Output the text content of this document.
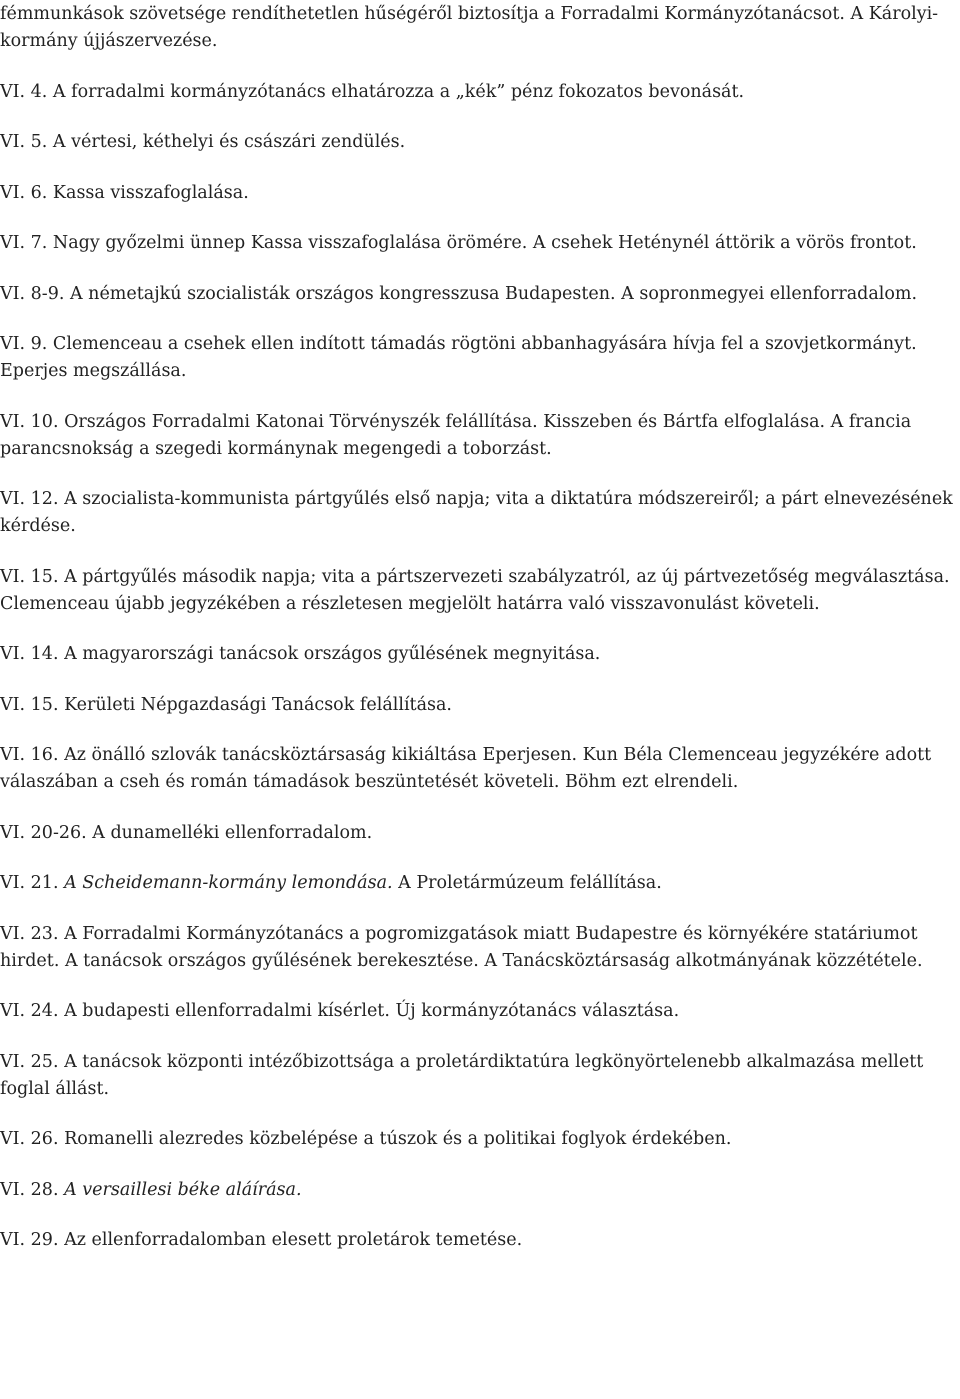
fémmunkások szövetsége rendíthetetlen hűségéről biztosítja a Forradalmi Kormányzótanácsot. A Károlyi-kormány újjászervezése.

VI. 4. A forradalmi kormányzótanács elhatározza a „kék” pénz fokozatos bevonását.

VI. 5. A vértesi, kéthelyi és császári zendülés.

VI. 6. Kassa visszafoglalása.

VI. 7. Nagy győzelmi ünnep Kassa visszafoglalása örömére. A csehek Heténynél áttörik a vörös frontot.

VI. 8-9. A németajkú szocialisták országos kongresszusa Budapesten. A sopronmegyei ellenforradalom.

VI. 9. Clemenceau a csehek ellen indított támadás rögtöni abbanhagyására hívja fel a szovjetkormányt. Eperjes megszállása.

VI. 10. Országos Forradalmi Katonai Törvényszék felállítása. Kisszeben és Bártfa elfoglalása. A francia parancsnokság a szegedi kormánynak megengedi a toborzást.

VI. 12. A szocialista-kommunista pártgyűlés első napja; vita a diktatúra módszereiről; a párt elnevezésének kérdése.

VI. 15. A pártgyűlés második napja; vita a pártszervezeti szabályzatról, az új pártvezetőség megválasztása. Clemenceau újabb jegyzékében a részletesen megjelölt határra való visszavonulást követeli.

VI. 14. A magyarországi tanácsok országos gyűlésének megnyitása.

VI. 15. Kerületi Népgazdasági Tanácsok felállítása.

VI. 16. Az önálló szlovák tanácsköztársaság kikiáltása Eperjesen. Kun Béla Clemenceau jegyzékére adott válaszában a cseh és román támadások beszüntetését követeli. Böhm ezt elrendeli.

VI. 20-26. A dunamelléki ellenforradalom.

VI. 21. A Scheidemann-kormány lemondása. A Proletármúzeum felállítása.

VI. 23. A Forradalmi Kormányzótanács a pogromizgatások miatt Budapestre és környékére statáriumot hirdet. A tanácsok országos gyűlésének berekesztése. A Tanácsköztársaság alkotmányának közzététele.

VI. 24. A budapesti ellenforradalmi kísérlet. Új kormányzótanács választása.

VI. 25. A tanácsok központi intézőbizottsága a proletárdiktatúra legkönyörtelenebb alkalmazása mellett foglal állást.

VI. 26. Romanelli alezredes közbelépése a túszok és a politikai foglyok érdekében.

VI. 28. A versaillesi béke aláírása.

VI. 29. Az ellenforradalomban elesett proletárok temetése.
